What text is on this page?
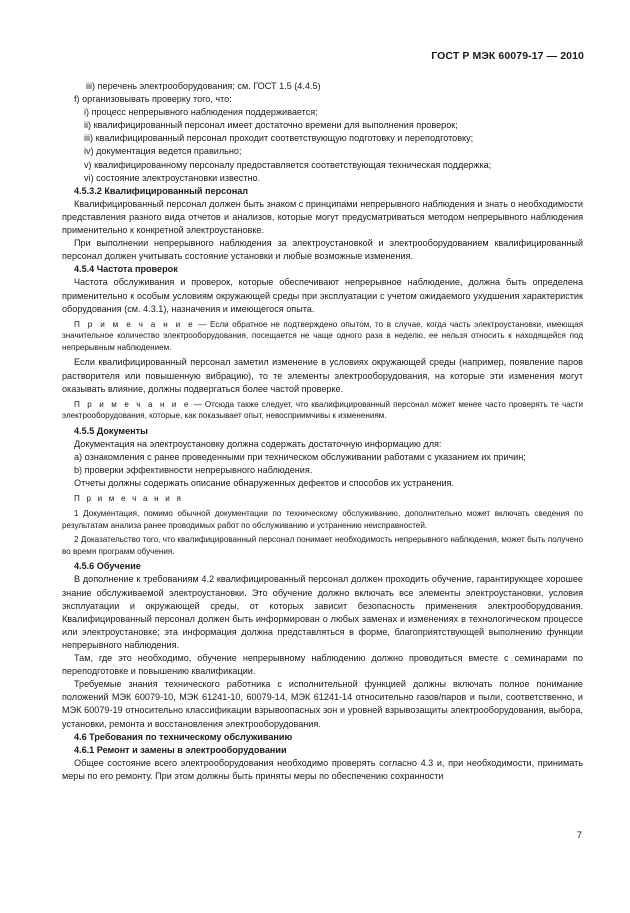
ГОСТ Р МЭК 60079-17 — 2010

iii) перечень электрооборудования; см. ГОСТ 1.5 (4.4.5)

f) организовывать проверку того, что:

i) процесс непрерывного наблюдения поддерживается;

ii) квалифицированный персонал имеет достаточно времени для выполнения проверок;

iii) квалифицированный персонал проходит соответствующую подготовку и переподготовку;

iv) документация ведется правильно;

v) квалифицированному персоналу предоставляется соответствующая техническая поддержка;

vi) состояние электроустановки известно.

4.5.3.2 Квалифицированный персонал

Квалифицированный персонал должен быть знаком с принципами непрерывного наблюдения и знать о необходимости представления разного вида отчетов и анализов, которые могут предусматриваться методом непрерывного наблюдения применительно к конкретной электроустановке.

При выполнении непрерывного наблюдения за электроустановкой и электрооборудованием квалифицированный персонал должен учитывать состояние установки и любые возможные изменения.

4.5.4 Частота проверок

Частота обслуживания и проверок, которые обеспечивают непрерывное наблюдение, должна быть определена применительно к особым условиям окружающей среды при эксплуатации с учетом ожидаемого ухудшения характеристик оборудования (см. 4.3.1), назначения и имеющегося опыта.

П р и м е ч а н и е — Если обратное не подтверждено опытом, то в случае, когда часть электроустановки, имеющая значительное количество электрооборудования, посещается не чаще одного раза в неделю, ее нельзя относить к находящейся под непрерывным наблюдением.

Если квалифицированный персонал заметил изменение в условиях окружающей среды (например, появление паров растворителя или повышенную вибрацию), то те элементы электрооборудования, на которые эти изменения могут оказывать влияние, должны подвергаться более частой проверке.

П р и м е ч а н и е — Отсюда также следует, что квалифицированный персонал может менее часто проверять те части электрооборудования, которые, как показывает опыт, невосприимчивы к изменениям.

4.5.5 Документы

Документация на электроустановку должна содержать достаточную информацию для:

a) ознакомления с ранее проведенными при техническом обслуживании работами с указанием их причин;

b) проверки эффективности непрерывного наблюдения.

Отчеты должны содержать описание обнаруженных дефектов и способов их устранения.

П р и м е ч а н и я

1 Документация, помимо обычной документации по техническому обслуживанию, дополнительно может включать сведения по результатам анализа ранее проводимых работ по обслуживанию и устранению неисправностей.

2 Доказательство того, что квалифицированный персонал понимает необходимость непрерывного наблюдения, может быть получено во время программ обучения.

4.5.6 Обучение

В дополнение к требованиям 4.2 квалифицированный персонал должен проходить обучение, гарантирующее хорошее знание обслуживаемой электроустановки. Это обучение должно включать все элементы электроустановки, условия эксплуатации и окружающей среды, от которых зависит безопасность применения электрооборудования. Квалифицированный персонал должен быть информирован о любых заменах и изменениях в технологическом процессе или электроустановке; эта информация должна представляться в форме, благоприятствующей выполнению функции непрерывного наблюдения.

Там, где это необходимо, обучение непрерывному наблюдению должно проводиться вместе с семинарами по переподготовке и повышению квалификации.

Требуемые знания технического работника с исполнительной функцией должны включать полное понимание положений МЭК 60079-10, МЭК 61241-10, 60079-14, МЭК 61241-14 относительно газов/паров и пыли, соответственно, и МЭК 60079-19 относительно классификации взрывоопасных зон и уровней взрывозащиты электрооборудования, выбора, установки, ремонта и восстановления электрооборудования.

4.6 Требования по техническому обслуживанию

4.6.1 Ремонт и замены в электрооборудовании

Общее состояние всего электрооборудования необходимо проверять согласно 4.3 и, при необходимости, принимать меры по его ремонту. При этом должны быть приняты меры по обеспечению сохранности

7
